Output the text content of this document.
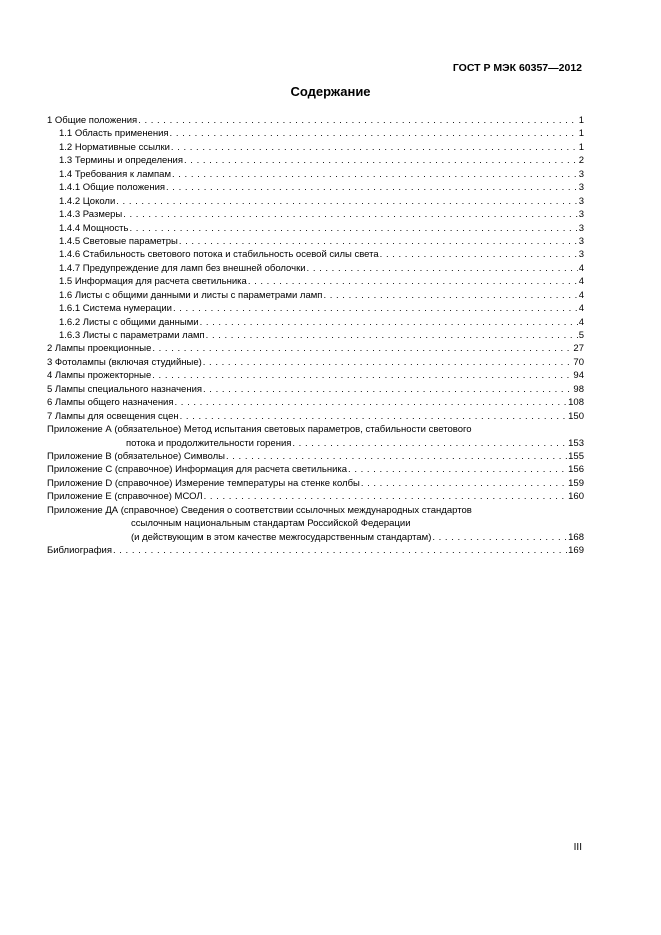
ГОСТ Р МЭК 60357—2012
Содержание
1 Общие положения . . .	1
1.1 Область применения . . .	1
1.2 Нормативные ссылки . . .	1
1.3 Термины и определения . . .	2
1.4 Требования к лампам . . .	3
1.4.1 Общие положения . . .	3
1.4.2 Цоколи . . .	3
1.4.3 Размеры . . .	3
1.4.4 Мощность . . .	3
1.4.5 Световые параметры . . .	3
1.4.6 Стабильность светового потока и стабильность осевой силы света . . .	3
1.4.7 Предупреждение для ламп без внешней оболочки . . .	4
1.5 Информация для расчета светильника . . .	4
1.6 Листы с общими данными и листы с параметрами ламп . . .	4
1.6.1 Система нумерации . . .	4
1.6.2 Листы с общими данными . . .	4
1.6.3 Листы с параметрами ламп . . .	5
2 Лампы проекционные . . .	27
3 Фотолампы (включая студийные) . . .	70
4 Лампы прожекторные . . .	94
5 Лампы специального назначения . . .	98
6 Лампы общего назначения . . .	108
7 Лампы для освещения сцен . . .	150
Приложение А (обязательное) Метод испытания световых параметров, стабильности светового
потока и продолжительности горения . . .	153
Приложение В (обязательное) Символы . . .	155
Приложение С (справочное) Информация для расчета светильника . . .	156
Приложение D (справочное) Измерение температуры на стенке колбы . . .	159
Приложение E (справочное) МСОЛ . . .	160
Приложение ДА (справочное) Сведения о соответствии ссылочных международных стандартов
ссылочным национальным стандартам Российской Федерации
(и действующим в этом качестве межгосударственным стандартам) . . .	168
Библиография . . .	169
III
